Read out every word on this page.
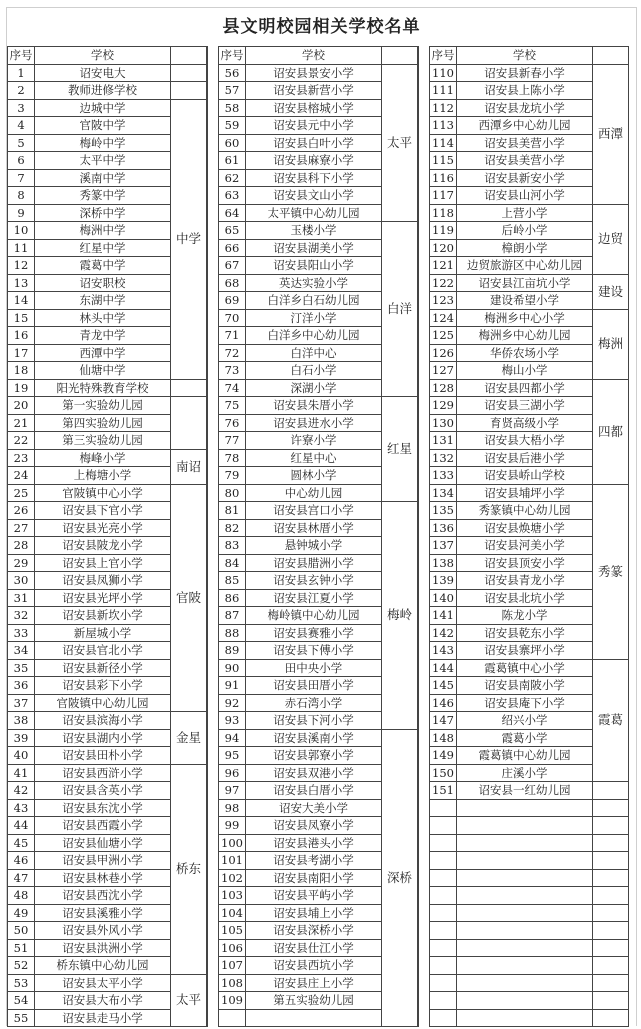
县文明校园相关学校名单
序号	学校	
1	诏安电大	
2	教师进修学校	
3	边城中学	中学
4	官陂中学	
5	梅岭中学	
6	太平中学	
7	溪南中学	
8	秀篆中学	
9	深桥中学	
10	梅洲中学	
11	红星中学	
12	霞葛中学	
13	诏安职校	
14	东湖中学	
15	林头中学	
16	青龙中学	
17	西潭中学	
18	仙塘中学	
19	阳光特殊教育学校	
20	第一实验幼儿园	
21	第四实验幼儿园	
22	第三实验幼儿园	
23	梅峰小学	南诏
24	上梅塘小学	
25	官陂镇中心小学	官陂
26	诏安县下官小学	
27	诏安县光亮小学	
28	诏安县陂龙小学	
29	诏安县上官小学	
30	诏安县凤狮小学	
31	诏安县光坪小学	
32	诏安县新坎小学	
33	新屋城小学	
34	诏安县官北小学	
35	诏安县新径小学	
36	诏安县彩下小学	
37	官陂镇中心幼儿园	
38	诏安县滨海小学	金星
39	诏安县湖内小学	
40	诏安县田朴小学	
41	诏安县西浒小学	桥东
42	诏安县含英小学	
43	诏安县东沈小学	
44	诏安县西霞小学	
45	诏安县仙塘小学	
46	诏安县甲洲小学	
47	诏安县林巷小学	
48	诏安县西沈小学	
49	诏安县溪雅小学	
50	诏安县外风小学	
51	诏安县洪洲小学	
52	桥东镇中心幼儿园	
53	诏安县太平小学	太平
54	诏安县大布小学	
55	诏安县走马小学	
序号	学校	
56	诏安县景安小学	太平
57	诏安县新营小学	
58	诏安县榕城小学	
59	诏安县元中小学	
60	诏安县白叶小学	
61	诏安县麻寮小学	
62	诏安县科下小学	
63	诏安县文山小学	
64	太平镇中心幼儿园	
65	玉楼小学	白洋
66	诏安县湖美小学	
67	诏安县阳山小学	
68	英达实验小学	
69	白洋乡白石幼儿园	
70	汀洋小学	
71	白洋乡中心幼儿园	
72	白洋中心	
73	白石小学	
74	深湖小学	
75	诏安县朱厝小学	红星
76	诏安县进水小学	
77	许寮小学	
78	红星中心	
79	圆林小学	
80	中心幼儿园	
81	诏安县宫口小学	梅岭
82	诏安县林厝小学	
83	悬钟城小学	
84	诏安县腊洲小学	
85	诏安县玄钟小学	
86	诏安县江夏小学	
87	梅岭镇中心幼儿园	
88	诏安县赛雅小学	
89	诏安县下傅小学	
90	田中央小学	
91	诏安县田厝小学	
92	赤石湾小学	
93	诏安县下河小学	
94	诏安县溪南小学	深桥
95	诏安县郭寮小学	
96	诏安县双港小学	
97	诏安县白厝小学	
98	诏安大美小学	
99	诏安县凤寮小学	
100	诏安县港头小学	
101	诏安县考湖小学	
102	诏安县南阳小学	
103	诏安县平屿小学	
104	诏安县埔上小学	
105	诏安县深桥小学	
106	诏安县仕江小学	
107	诏安县西坑小学	
108	诏安县庄上小学	
109	第五实验幼儿园	

序号	学校	
110	诏安县新春小学	西潭
111	诏安县上陈小学	
112	诏安县龙坑小学	
113	西潭乡中心幼儿园	
114	诏安县美营小学	
115	诏安县美营小学	
116	诏安县新安小学	
117	诏安县山河小学	
118	上营小学	边贸
119	后岭小学	
120	樟朗小学	
121	边贸旅游区中心幼儿园	
122	诏安县江亩坑小学	建设
123	建设希望小学	
124	梅洲乡中心小学	梅洲
125	梅洲乡中心幼儿园	
126	华侨农场小学	
127	梅山小学	
128	诏安县四都小学	四都
129	诏安县三湖小学	
130	育贤高级小学	
131	诏安县大梧小学	
132	诏安县后港小学	
133	诏安县峤山学校	
134	诏安县埔坪小学	秀篆
135	秀篆镇中心幼儿园	
136	诏安县焕塘小学	
137	诏安县河美小学	
138	诏安县顶安小学	
139	诏安县青龙小学	
140	诏安县北坑小学	
141	陈龙小学	
142	诏安县乾东小学	
143	诏安县寨坪小学	
144	霞葛镇中心小学	霞葛
145	诏安县南陂小学	
146	诏安县庵下小学	
147	绍兴小学	
148	霞葛小学	
149	霞葛镇中心幼儿园	
150	庄溪小学	
151	诏安县一红幼儿园	
